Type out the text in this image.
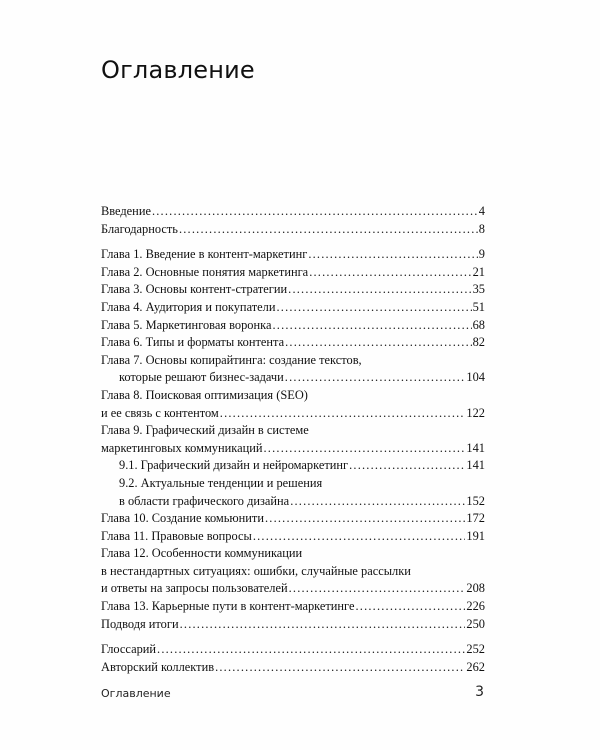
Оглавление
Введение .....	4
Благодарность .....	8
Глава 1. Введение в контент-маркетинг .....	9
Глава 2. Основные понятия маркетинга .....	21
Глава 3. Основы контент-стратегии .....	35
Глава 4. Аудитория и покупатели .....	51
Глава 5. Маркетинговая воронка .....	68
Глава 6. Типы и форматы контента .....	82
Глава 7. Основы копирайтинга: создание текстов,
которые решают бизнес-задачи .....	104
Глава 8. Поисковая оптимизация (SEO)
и ее связь с контентом .....	122
Глава 9. Графический дизайн в системе
маркетинговых коммуникаций .....	141
9.1. Графический дизайн и нейромаркетинг .....	141
9.2. Актуальные тенденции и решения
в области графического дизайна .....	152
Глава 10. Создание комьюнити .....	172
Глава 11. Правовые вопросы .....	191
Глава 12. Особенности коммуникации
в нестандартных ситуациях: ошибки, случайные рассылки
и ответы на запросы пользователей .....	208
Глава 13. Карьерные пути в контент-маркетинге .....	226
Подводя итоги .....	250
Глоссарий .....	252
Авторский коллектив .....	262
Оглавление	3
